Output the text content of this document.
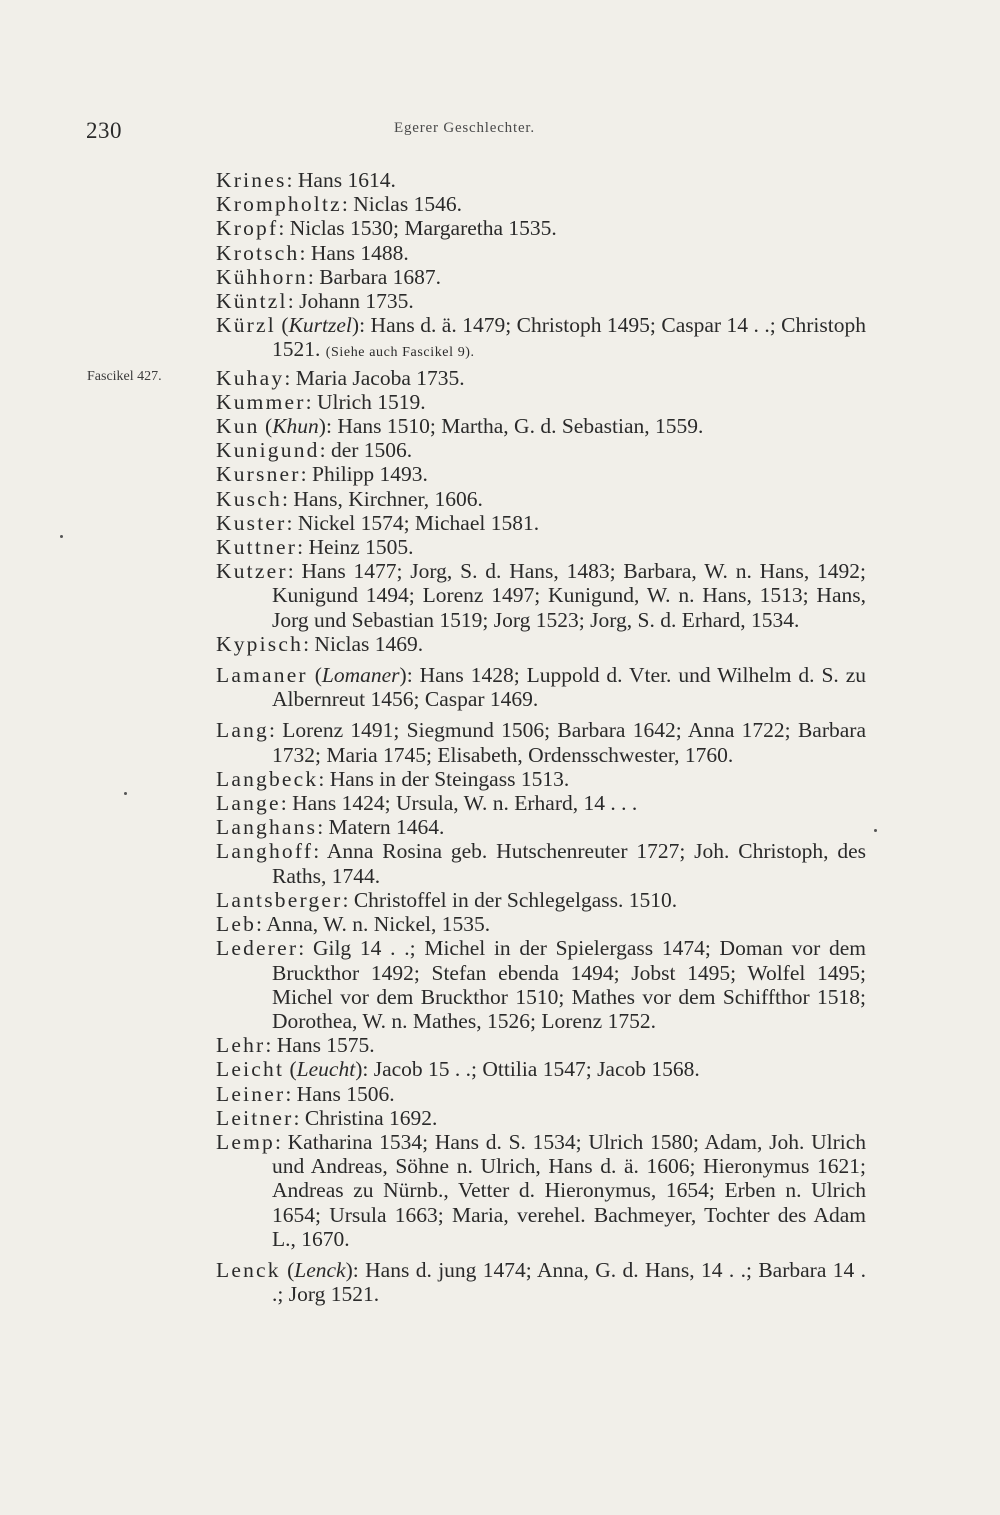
230	Egerer Geschlechter.
Fascikel 427.
Krines: Hans 1614.
Krompholtz: Niclas 1546.
Kropf: Niclas 1530; Margaretha 1535.
Krotsch: Hans 1488.
Kühhorn: Barbara 1687.
Küntzl: Johann 1735.
Kürzl (Kurtzel): Hans d. ä. 1479; Christoph 1495; Caspar 14 . .; Christoph 1521. (Siehe auch Fascikel 9).
Kuhay: Maria Jacoba 1735.
Kummer: Ulrich 1519.
Kun (Khun): Hans 1510; Martha, G. d. Sebastian, 1559.
Kunigund: der 1506.
Kursner: Philipp 1493.
Kusch: Hans, Kirchner, 1606.
Kuster: Nickel 1574; Michael 1581.
Kuttner: Heinz 1505.
Kutzer: Hans 1477; Jorg, S. d. Hans, 1483; Barbara, W. n. Hans, 1492; Kunigund 1494; Lorenz 1497; Kunigund, W. n. Hans, 1513; Hans, Jorg und Sebastian 1519; Jorg 1523; Jorg, S. d. Erhard, 1534.
Kypisch: Niclas 1469.
Lamaner (Lomaner): Hans 1428; Luppold d. Vter. und Wilhelm d. S. zu Albernreut 1456; Caspar 1469.
Lang: Lorenz 1491; Siegmund 1506; Barbara 1642; Anna 1722; Barbara 1732; Maria 1745; Elisabeth, Ordensschwester, 1760.
Langbeck: Hans in der Steingass 1513.
Lange: Hans 1424; Ursula, W. n. Erhard, 14 . . .
Langhans: Matern 1464.
Langhoff: Anna Rosina geb. Hutschenreuter 1727; Joh. Christoph, des Raths, 1744.
Lantsberger: Christoffel in der Schlegelgass. 1510.
Leb: Anna, W. n. Nickel, 1535.
Lederer: Gilg 14 . .; Michel in der Spielergass 1474; Doman vor dem Bruckthor 1492; Stefan ebenda 1494; Jobst 1495; Wolfel 1495; Michel vor dem Bruckthor 1510; Mathes vor dem Schiffthor 1518; Dorothea, W. n. Mathes, 1526; Lorenz 1752.
Lehr: Hans 1575.
Leicht (Leucht): Jacob 15 . .; Ottilia 1547; Jacob 1568.
Leiner: Hans 1506.
Leitner: Christina 1692.
Lemp: Katharina 1534; Hans d. S. 1534; Ulrich 1580; Adam, Joh. Ulrich und Andreas, Söhne n. Ulrich, Hans d. ä. 1606; Hieronymus 1621; Andreas zu Nürnb., Vetter d. Hieronymus, 1654; Erben n. Ulrich 1654; Ursula 1663; Maria, verehel. Bachmeyer, Tochter des Adam L., 1670.
Lenck (Lenck): Hans d. jung 1474; Anna, G. d. Hans, 14 . .; Barbara 14 . .; Jorg 1521.
